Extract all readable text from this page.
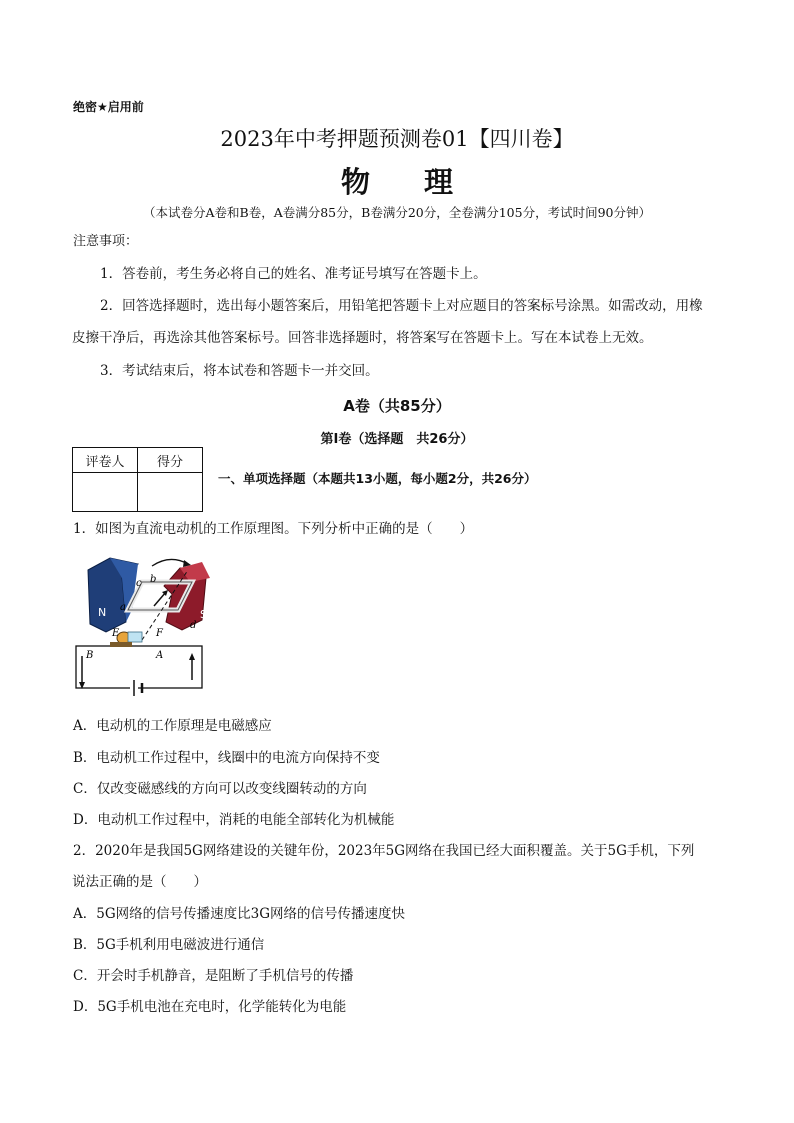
绝密★启用前
2023年中考押题预测卷01【四川卷】
物 理
（本试卷分A卷和B卷，A卷满分85分，B卷满分20分，全卷满分105分，考试时间90分钟）
注意事项：
1．答卷前，考生务必将自己的姓名、准考证号填写在答题卡上。
2．回答选择题时，选出每小题答案后，用铅笔把答题卡上对应题目的答案标号涂黑。如需改动，用橡
皮擦干净后，再选涂其他答案标号。回答非选择题时，将答案写在答题卡上。写在本试卷上无效。
3．考试结束后，将本试卷和答题卡一并交回。
A卷（共85分）
第Ⅰ卷（选择题　共26分）
评卷人	得分

一、单项选择题（本题共13小题，每小题2分，共26分）
1．如图为直流电动机的工作原理图。下列分析中正确的是（　　）
N	S
a
b
c
d
E	F
B	A
A．电动机的工作原理是电磁感应
B．电动机工作过程中，线圈中的电流方向保持不变
C．仅改变磁感线的方向可以改变线圈转动的方向
D．电动机工作过程中，消耗的电能全部转化为机械能
2．2020年是我国5G网络建设的关键年份，2023年5G网络在我国已经大面积覆盖。关于5G手机，下列
说法正确的是（　　）
A．5G网络的信号传播速度比3G网络的信号传播速度快
B．5G手机利用电磁波进行通信
C．开会时手机静音，是阻断了手机信号的传播
D．5G手机电池在充电时，化学能转化为电能
